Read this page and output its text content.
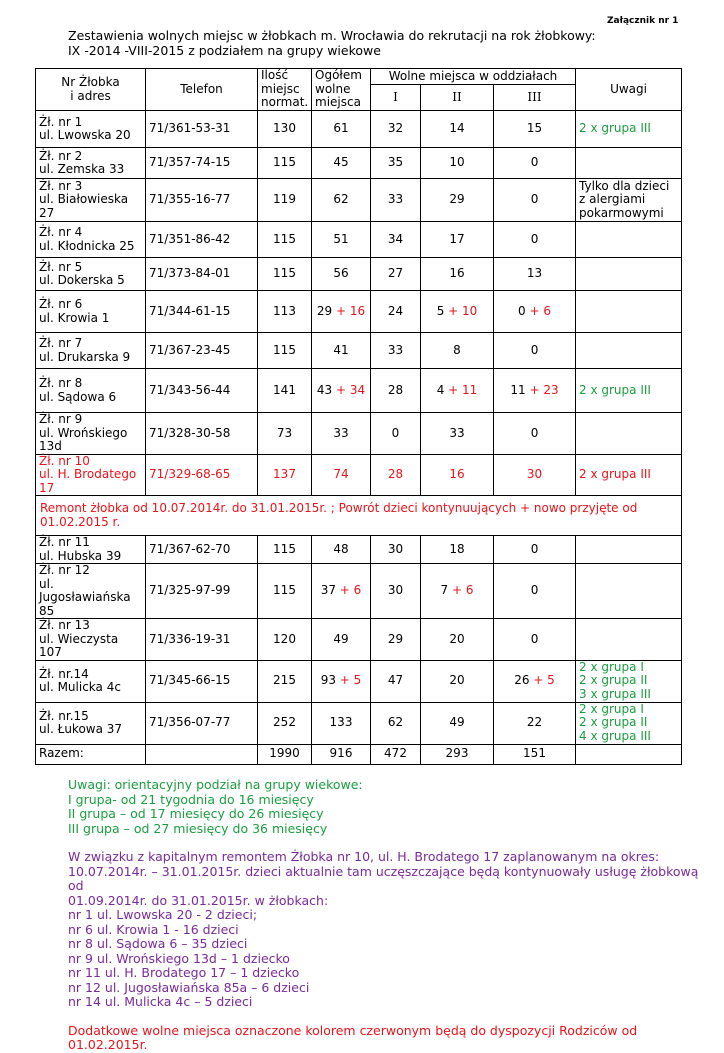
Załącznik nr 1
Zestawienia wolnych miejsc w żłobkach m. Wrocławia do rekrutacji na rok żłobkowy:
IX -2014 -VIII-2015 z podziałem na grupy wiekowe
Nr Żłobka
i adres	Telefon	Ilość
miejsc
normat.	Ogółem
wolne
miejsca	Wolne miejsca w oddziałach			Uwagi
				I	II	III	
Żł. nr 1
ul. Lwowska 20	71/361-53-31	130	61	32	14	15	2 x grupa III
Żł. nr 2
ul. Zemska 33	71/357-74-15	115	45	35	10	0	
Żł. nr 3
ul. Białowieska 27	71/355-16-77	119	62	33	29	0	Tylko dla dzieci
z alergiami
pokarmowymi
Żł. nr 4
ul. Kłodnicka 25	71/351-86-42	115	51	34	17	0	
Żł. nr 5
ul. Dokerska 5	71/373-84-01	115	56	27	16	13	
Żł. nr 6
ul. Krowia 1	71/344-61-15	113	29 + 16	24	5 + 10	0 + 6	
Żł. nr 7
ul. Drukarska 9	71/367-23-45	115	41	33	8	0	
Żł. nr 8
ul. Sądowa 6	71/343-56-44	141	43 + 34	28	4 + 11	11 + 23	2 x grupa III
Żł. nr 9
ul. Wrońskiego 13d	71/328-30-58	73	33	0	33	0	
Żł. nr 10
ul. H. Brodatego 17	71/329-68-65	137	74	28	16	30	2 x grupa III
Remont żłobka od 10.07.2014r. do 31.01.2015r. ; Powrót dzieci kontynuujących + nowo przyjęte od 01.02.2015 r.							
Żł. nr 11
ul. Hubska 39	71/367-62-70	115	48	30	18	0	
Żł. nr 12
ul. Jugosławiańska 85	71/325-97-99	115	37 + 6	30	7 + 6	0	
Żł. nr 13
ul. Wieczysta 107	71/336-19-31	120	49	29	20	0	
Żł. nr.14
ul. Mulicka 4c	71/345-66-15	215	93 + 5	47	20	26 + 5	2 x grupa I
2 x grupa II
3 x grupa III
Żł. nr.15
ul. Łukowa 37	71/356-07-77	252	133	62	49	22	2 x grupa I
2 x grupa II
4 x grupa III
Razem:		1990	916	472	293	151	

Uwagi: orientacyjny podział na grupy wiekowe:

I grupa- od 21 tygodnia do 16 miesięcy

II grupa – od 17 miesięcy do 26 miesięcy

III grupa – od 27 miesięcy do 36 miesięcy

W związku z kapitalnym remontem Żłobka nr 10, ul. H. Brodatego 17 zaplanowanym na okres:

10.07.2014r. – 31.01.2015r. dzieci aktualnie tam uczęszczające będą kontynuowały usługę żłobkową od

01.09.2014r. do 31.01.2015r. w żłobkach:

nr 1 ul. Lwowska 20 - 2 dzieci;

nr 6 ul. Krowia 1 - 16 dzieci

nr 8 ul. Sądowa 6 – 35 dzieci

nr 9 ul. Wrońskiego 13d – 1 dziecko

nr 11 ul. H. Brodatego 17 – 1 dziecko

nr 12 ul. Jugosławiańska 85a – 6 dzieci

nr 14 ul. Mulicka 4c – 5 dzieci

Dodatkowe wolne miejsca oznaczone kolorem czerwonym będą do dyspozycji Rodziców od 01.02.2015r.
